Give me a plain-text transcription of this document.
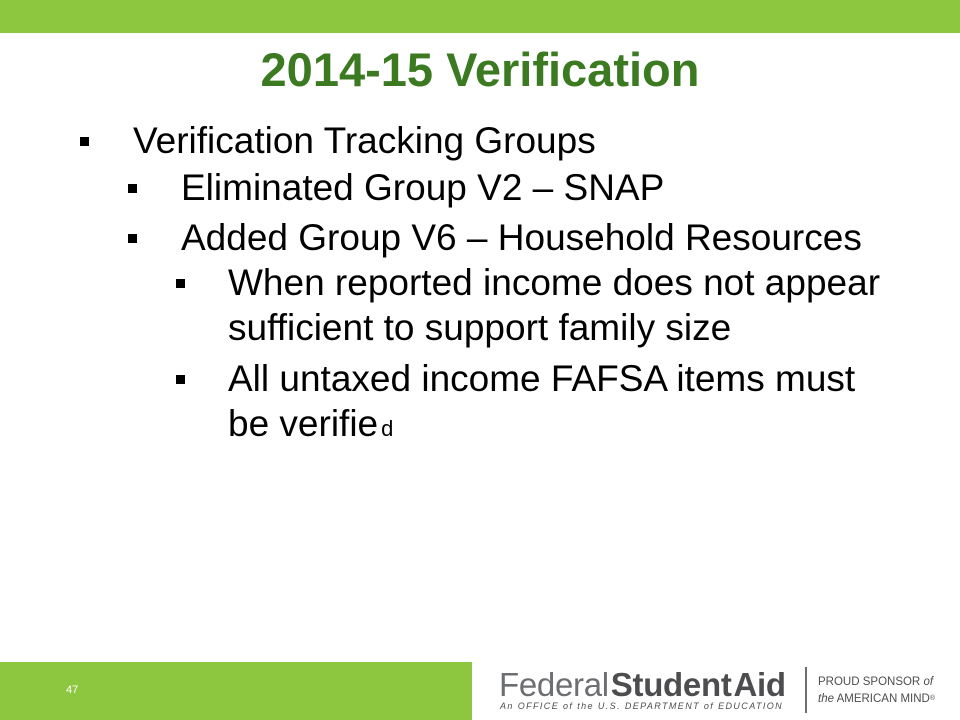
2014-15 Verification
Verification Tracking Groups
Eliminated Group V2 – SNAP
Added Group V6 – Household Resources
When reported income does not appear
sufficient to support family size
All untaxed income FAFSA items must
be verifie d
47	FederalStudentAid
An OFFICE of the U.S. DEPARTMENT of EDUCATION
PROUD SPONSOR of
the AMERICAN MIND®
